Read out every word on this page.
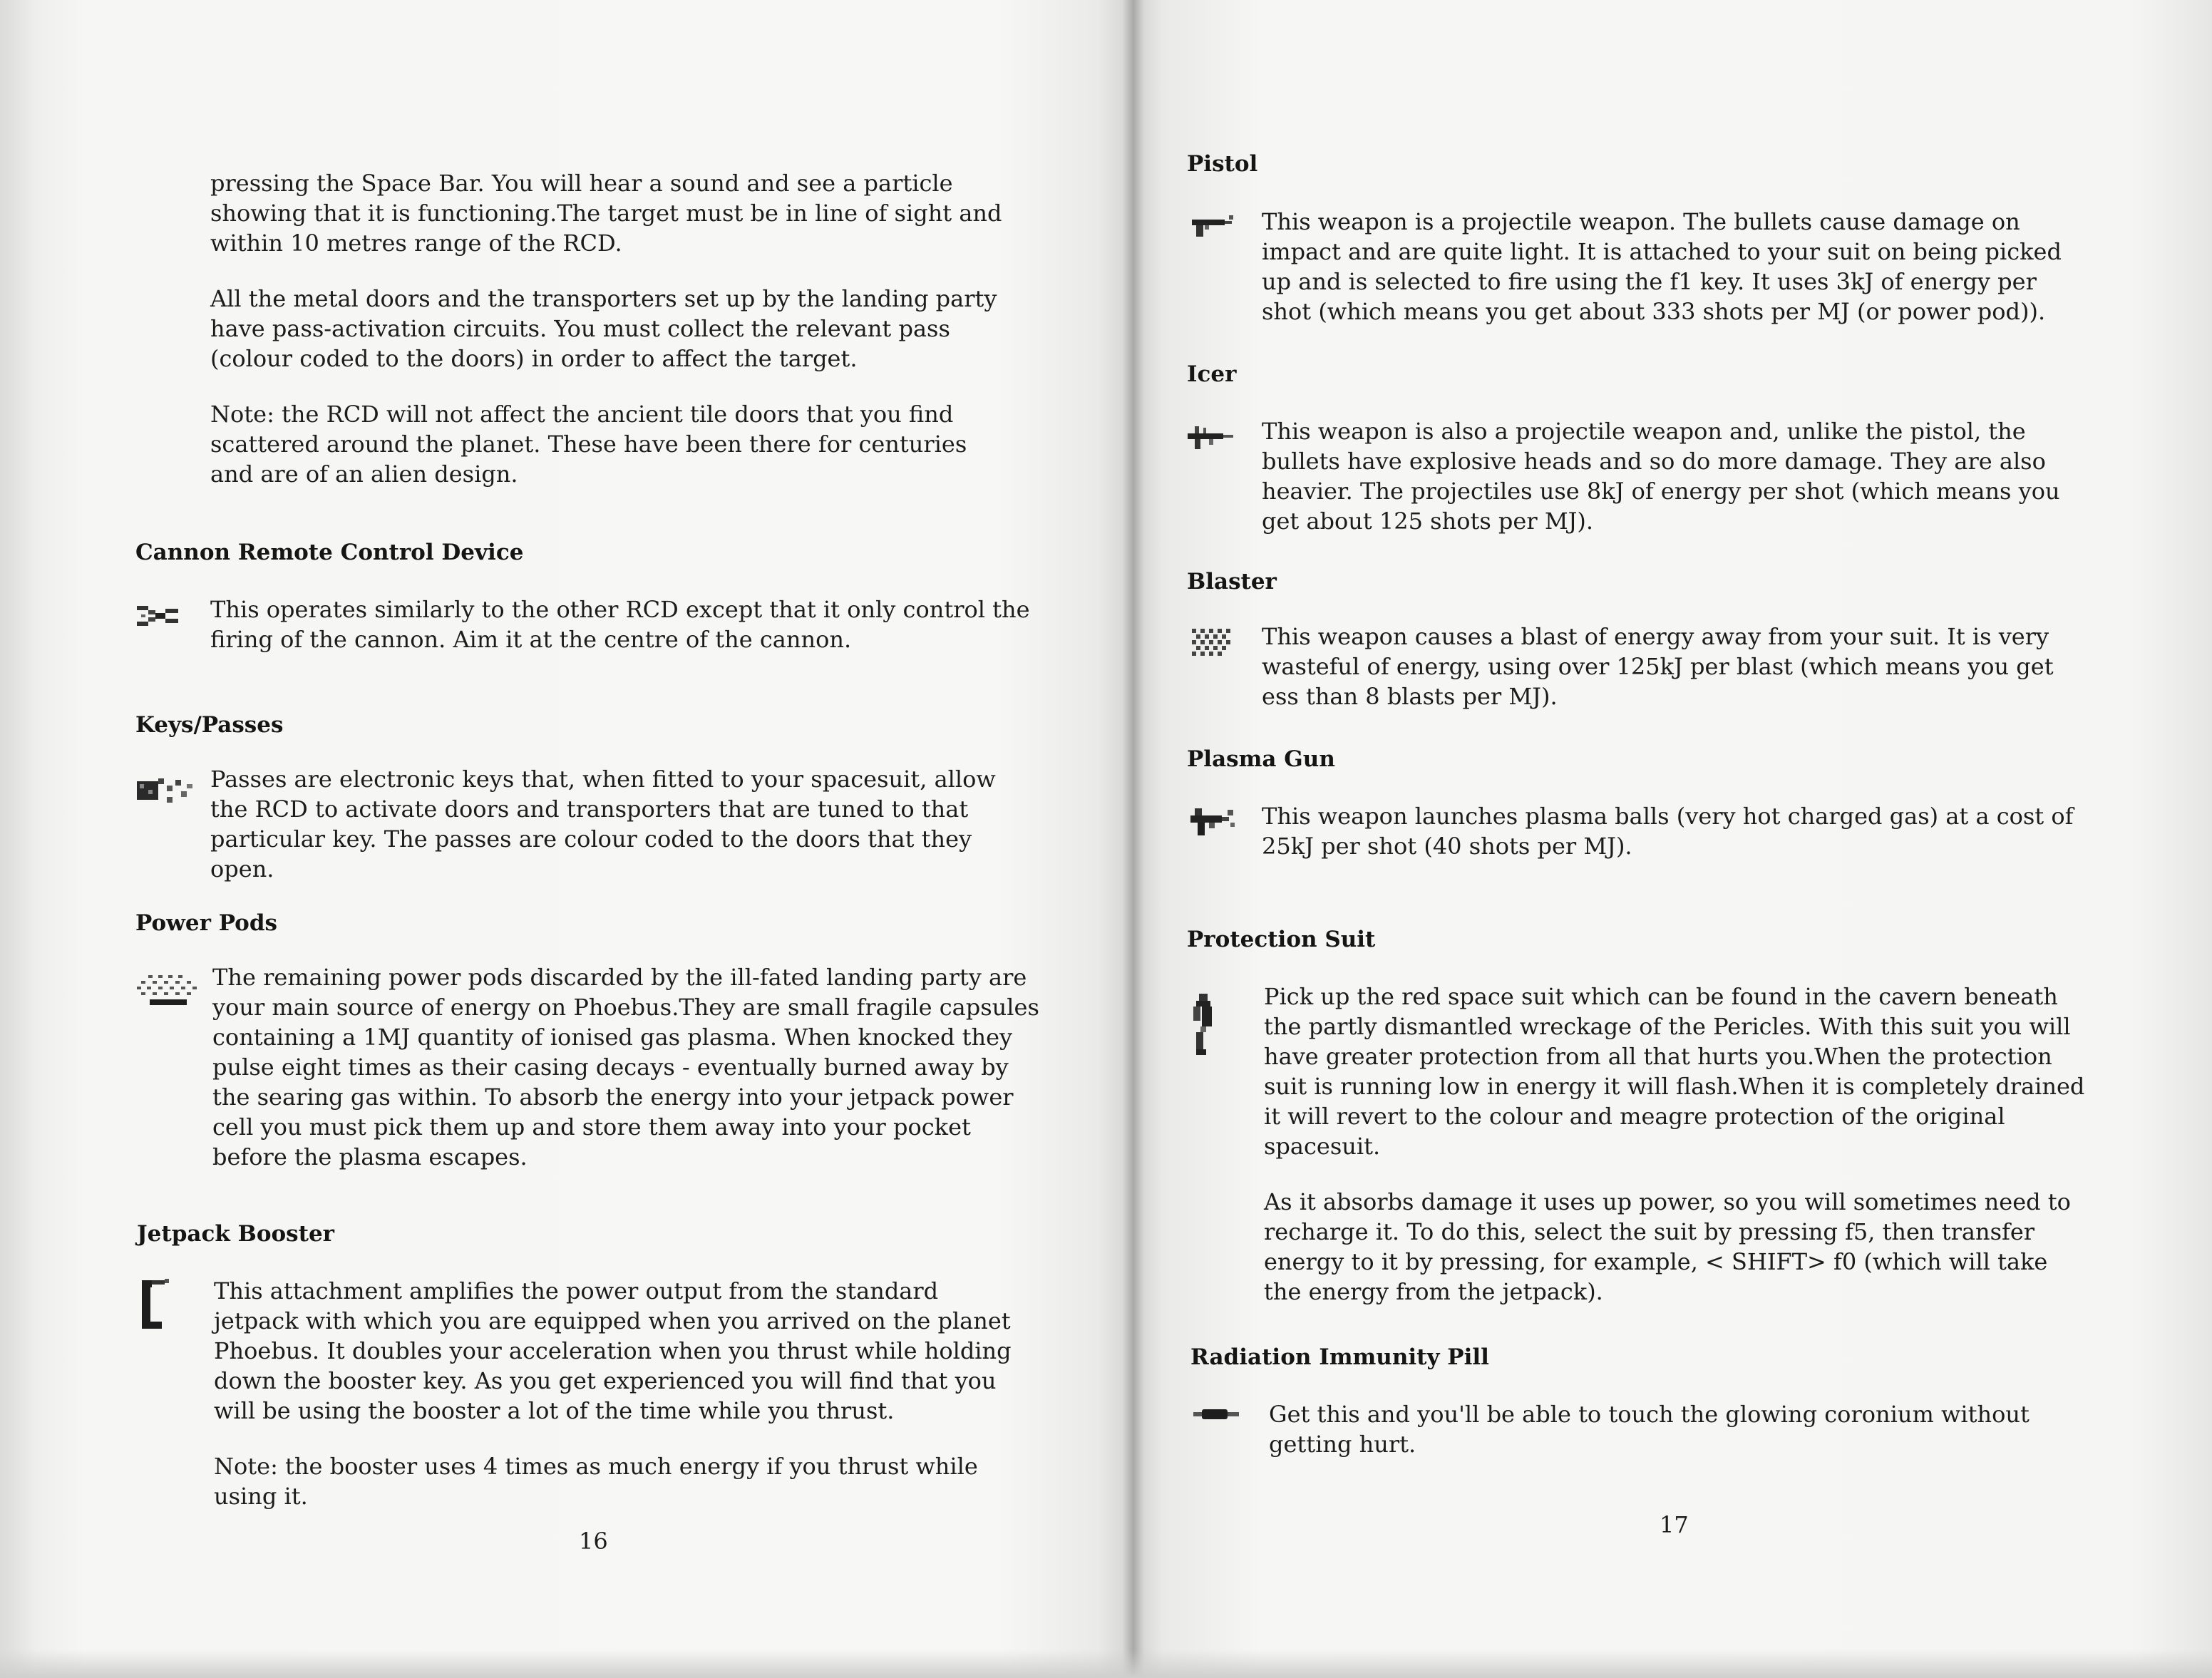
pressing the Space Bar. You will hear a sound and see a particle showing that it is functioning.The target must be in line of sight and within 10 metres range of the RCD.

All the metal doors and the transporters set up by the landing party have pass-activation circuits. You must collect the relevant pass (colour coded to the doors) in order to affect the target.

Note: the RCD will not affect the ancient tile doors that you find scattered around the planet. These have been there for centuries and are of an alien design.

Cannon Remote Control Device
This operates similarly to the other RCD except that it only control the firing of the cannon. Aim it at the centre of the cannon.
Keys/Passes
Passes are electronic keys that, when fitted to your spacesuit, allow the RCD to activate doors and transporters that are tuned to that particular key. The passes are colour coded to the doors that they open.
Power Pods
The remaining power pods discarded by the ill-fated landing party are your main source of energy on Phoebus.They are small fragile capsules containing a 1MJ quantity of ionised gas plasma. When knocked they pulse eight times as their casing decays - eventually burned away by the searing gas within. To absorb the energy into your jetpack power cell you must pick them up and store them away into your pocket before the plasma escapes.
Jetpack Booster

This attachment amplifies the power output from the standard jetpack with which you are equipped when you arrived on the planet Phoebus. It doubles your acceleration when you thrust while holding down the booster key. As you get experienced you will find that you will be using the booster a lot of the time while you thrust.

Note: the booster uses 4 times as much energy if you thrust while using it.

16
Pistol
This weapon is a projectile weapon. The bullets cause damage on impact and are quite light. It is attached to your suit on being picked up and is selected to fire using the f1 key. It uses 3kJ of energy per shot (which means you get about 333 shots per MJ (or power pod)).
Icer
This weapon is also a projectile weapon and, unlike the pistol, the bullets have explosive heads and so do more damage. They are also heavier. The projectiles use 8kJ of energy per shot (which means you get about 125 shots per MJ).
Blaster
This weapon causes a blast of energy away from your suit. It is very wasteful of energy, using over 125kJ per blast (which means you get ess than 8 blasts per MJ).
Plasma Gun
This weapon launches plasma balls (very hot charged gas) at a cost of 25kJ per shot (40 shots per MJ).
Protection Suit

Pick up the red space suit which can be found in the cavern beneath the partly dismantled wreckage of the Pericles. With this suit you will have greater protection from all that hurts you.When the protection suit is running low in energy it will flash.When it is completely drained it will revert to the colour and meagre protection of the original spacesuit.

As it absorbs damage it uses up power, so you will sometimes need to recharge it. To do this, select the suit by pressing f5, then transfer energy to it by pressing, for example, < SHIFT> f0 (which will take the energy from the jetpack).

Radiation Immunity Pill
Get this and you'll be able to touch the glowing coronium without getting hurt.
17
